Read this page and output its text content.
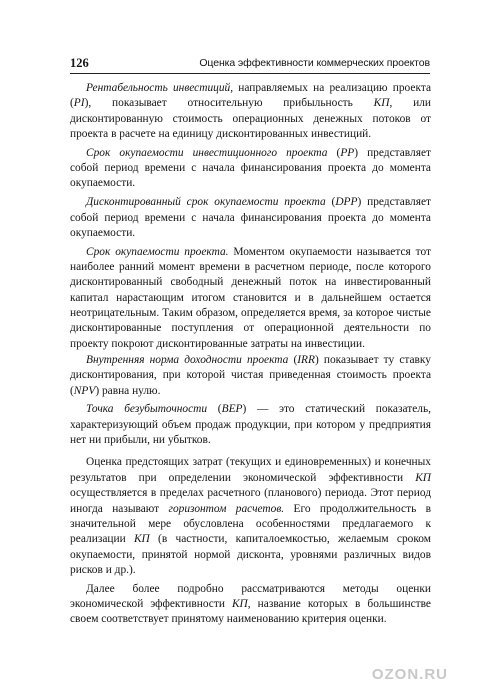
126	Оценка эффективности коммерческих проектов

Рентабельность инвестиций, направляемых на реализацию проекта (PI), показывает относительную прибыльность КП, или дисконтированную стоимость операционных денежных потоков от проекта в расчете на единицу дисконтированных инвестиций.

Срок окупаемости инвестиционного проекта (PP) представляет собой период времени с начала финансирования проекта до момента окупаемости.

Дисконтированный срок окупаемости проекта (DPP) представляет собой период времени с начала финансирования проекта до момента окупаемости.

Срок окупаемости проекта. Моментом окупаемости называется тот наиболее ранний момент времени в расчетном периоде, после которого дисконтированный свободный денежный поток на инвестированный капитал нарастающим итогом становится и в дальнейшем остается неотрицательным. Таким образом, определяется время, за которое чистые дисконтированные поступления от операционной деятельности по проекту покроют дисконтированные затраты на инвестиции.

Внутренняя норма доходности проекта (IRR) показывает ту ставку дисконтирования, при которой чистая приведенная стоимость проекта (NPV) равна нулю.

Точка безубыточности (BEP) — это статический показатель, характеризующий объем продаж продукции, при котором у предприятия нет ни прибыли, ни убытков.

Оценка предстоящих затрат (текущих и единовременных) и конечных результатов при определении экономической эффективности КП осуществляется в пределах расчетного (планового) периода. Этот период иногда называют горизонтом расчетов. Его продолжительность в значительной мере обусловлена особенностями предлагаемого к реализации КП (в частности, капиталоемкостью, желаемым сроком окупаемости, принятой нормой дисконта, уровнями различных видов рисков и др.).

Далее более подробно рассматриваются методы оценки экономической эффективности КП, название которых в большинстве своем соответствует принятому наименованию критерия оценки.

OZON.RU
